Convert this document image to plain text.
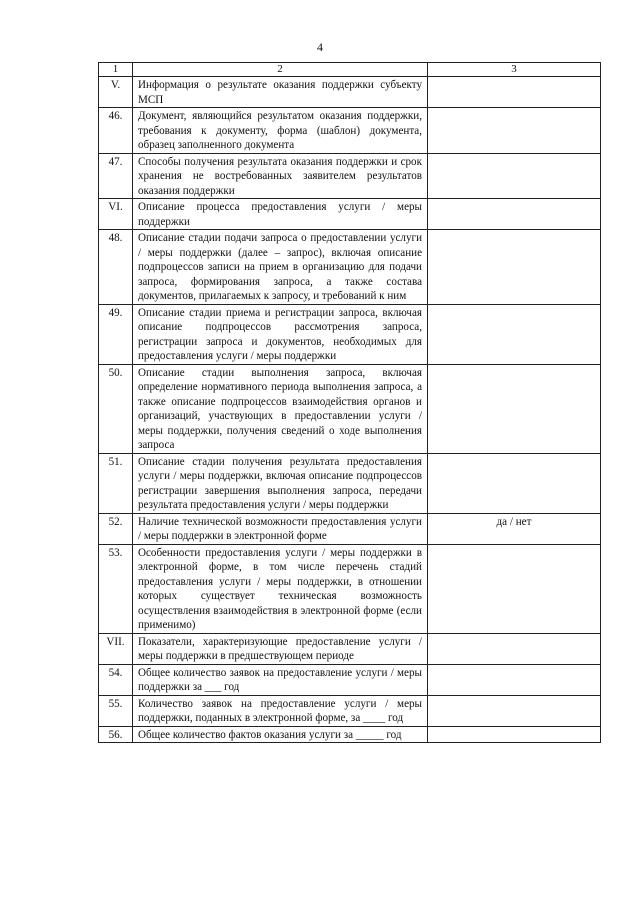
4
1	2	3
V.	Информация о результате оказания поддержки субъекту МСП	
46.	Документ, являющийся результатом оказания поддержки, требования к документу, форма (шаблон) документа, образец заполненного документа	
47.	Способы получения результата оказания поддержки и срок хранения не востребованных заявителем результатов оказания поддержки	
VI.	Описание процесса предоставления услуги / меры поддержки	
48.	Описание стадии подачи запроса о предоставлении услуги / меры поддержки (далее – запрос), включая описание подпроцессов записи на прием в организацию для подачи запроса, формирования запроса, а также состава документов, прилагаемых к запросу, и требований к ним	
49.	Описание стадии приема и регистрации запроса, включая описание подпроцессов рассмотрения запроса, регистрации запроса и документов, необходимых для предоставления услуги / меры поддержки	
50.	Описание стадии выполнения запроса, включая определение нормативного периода выполнения запроса, а также описание подпроцессов взаимодействия органов и организаций, участвующих в предоставлении услуги / меры поддержки, получения сведений о ходе выполнения запроса	
51.	Описание стадии получения результата предоставления услуги / меры поддержки, включая описание подпроцессов регистрации завершения выполнения запроса, передачи результата предоставления услуги / меры поддержки	
52.	Наличие технической возможности предоставления услуги / меры поддержки в электронной форме	да / нет
53.	Особенности предоставления услуги / меры поддержки в электронной форме, в том числе перечень стадий предоставления услуги / меры поддержки, в отношении которых существует техническая возможность осуществления взаимодействия в электронной форме (если применимо)	
VII.	Показатели, характеризующие предоставление услуги / меры поддержки в предшествующем периоде	
54.	Общее количество заявок на предоставление услуги / меры поддержки за ___ год	
55.	Количество заявок на предоставление услуги / меры поддержки, поданных в электронной форме, за ____ год	
56.	Общее количество фактов оказания услуги за _____ год	
